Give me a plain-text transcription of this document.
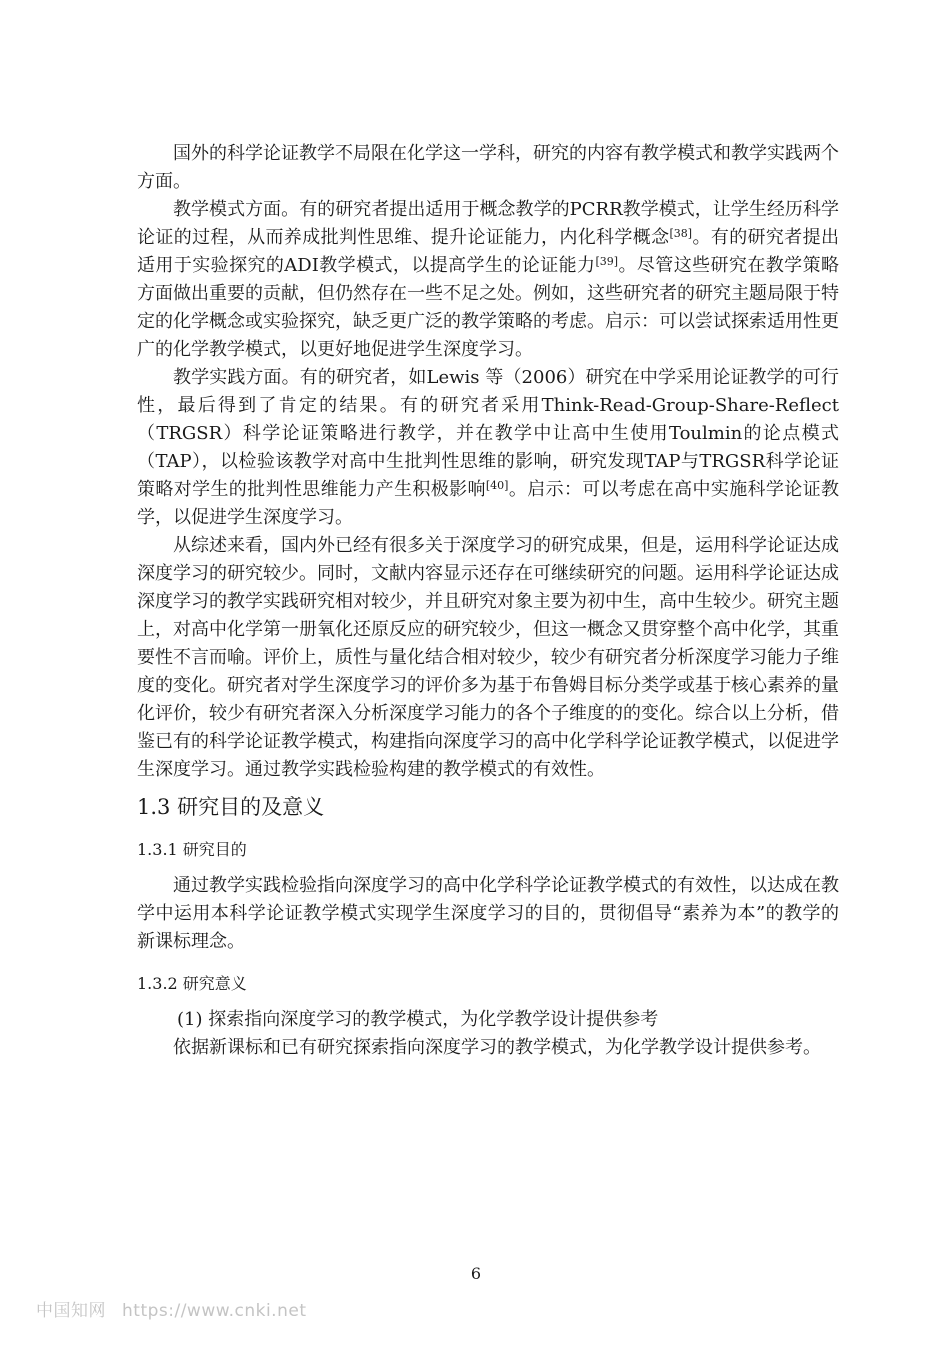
国外的科学论证教学不局限在化学这一学科，研究的内容有教学模式和教学实践两个方面。

教学模式方面。有的研究者提出适用于概念教学的PCRR教学模式，让学生经历科学论证的过程，从而养成批判性思维、提升论证能力，内化科学概念[38]。有的研究者提出适用于实验探究的ADI教学模式，以提高学生的论证能力[39]。尽管这些研究在教学策略方面做出重要的贡献，但仍然存在一些不足之处。例如，这些研究者的研究主题局限于特定的化学概念或实验探究，缺乏更广泛的教学策略的考虑。启示：可以尝试探索适用性更广的化学教学模式，以更好地促进学生深度学习。

教学实践方面。有的研究者，如Lewis 等（2006）研究在中学采用论证教学的可行性，最后得到了肯定的结果。有的研究者采用Think-Read-Group-Share-Reflect（TRGSR）科学论证策略进行教学，并在教学中让高中生使用Toulmin的论点模式（TAP），以检验该教学对高中生批判性思维的影响，研究发现TAP与TRGSR科学论证策略对学生的批判性思维能力产生积极影响[40]。启示：可以考虑在高中实施科学论证教学，以促进学生深度学习。

从综述来看，国内外已经有很多关于深度学习的研究成果，但是，运用科学论证达成深度学习的研究较少。同时，文献内容显示还存在可继续研究的问题。运用科学论证达成深度学习的教学实践研究相对较少，并且研究对象主要为初中生，高中生较少。研究主题上，对高中化学第一册氧化还原反应的研究较少，但这一概念又贯穿整个高中化学，其重要性不言而喻。评价上，质性与量化结合相对较少，较少有研究者分析深度学习能力子维度的变化。研究者对学生深度学习的评价多为基于布鲁姆目标分类学或基于核心素养的量化评价，较少有研究者深入分析深度学习能力的各个子维度的的变化。综合以上分析，借鉴已有的科学论证教学模式，构建指向深度学习的高中化学科学论证教学模式，以促进学生深度学习。通过教学实践检验构建的教学模式的有效性。

1.3 研究目的及意义
1.3.1 研究目的

通过教学实践检验指向深度学习的高中化学科学论证教学模式的有效性，以达成在教学中运用本科学论证教学模式实现学生深度学习的目的，贯彻倡导“素养为本”的教学的新课标理念。

1.3.2 研究意义

(1) 探索指向深度学习的教学模式，为化学教学设计提供参考

依据新课标和已有研究探索指向深度学习的教学模式，为化学教学设计提供参考。

6
中国知网 https://www.cnki.net
